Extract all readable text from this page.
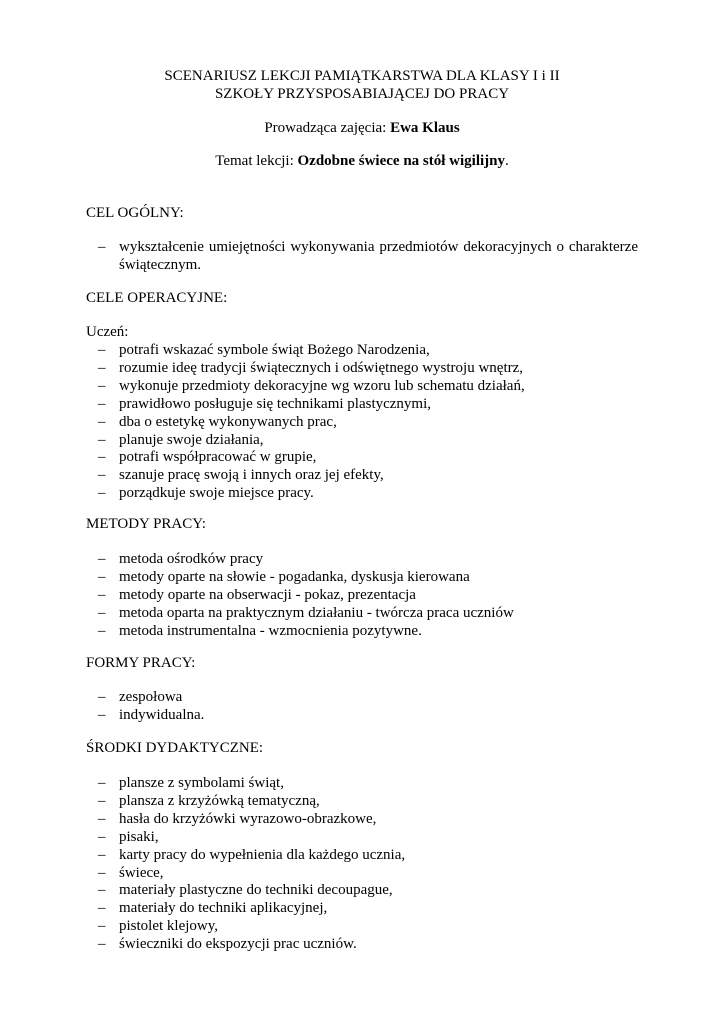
SCENARIUSZ LEKCJI PAMIĄTKARSTWA DLA KLASY I i II
SZKOŁY PRZYSPOSABIAJĄCEJ DO PRACY
Prowadząca zajęcia: Ewa Klaus
Temat lekcji: Ozdobne świece na stół wigilijny.
CEL OGÓLNY:
– wykształcenie umiejętności wykonywania przedmiotów dekoracyjnych o charakterze świątecznym.
CELE OPERACYJNE:
Uczeń:
– potrafi wskazać symbole świąt Bożego Narodzenia,
– rozumie ideę tradycji świątecznych i odświętnego wystroju wnętrz,
– wykonuje przedmioty dekoracyjne wg wzoru lub schematu działań,
– prawidłowo posługuje się technikami plastycznymi,
– dba o estetykę wykonywanych prac,
– planuje swoje działania,
– potrafi współpracować w grupie,
– szanuje pracę swoją i innych oraz jej efekty,
– porządkuje swoje miejsce pracy.
METODY PRACY:
– metoda ośrodków pracy
– metody oparte na słowie - pogadanka, dyskusja kierowana
– metody oparte na obserwacji - pokaz, prezentacja
– metoda oparta na praktycznym działaniu - twórcza praca uczniów
– metoda instrumentalna - wzmocnienia pozytywne.
FORMY PRACY:
– zespołowa
– indywidualna.
ŚRODKI DYDAKTYCZNE:
– plansze z symbolami świąt,
– plansza z krzyżówką tematyczną,
– hasła do krzyżówki wyrazowo-obrazkowe,
– pisaki,
– karty pracy do wypełnienia dla każdego ucznia,
– świece,
– materiały plastyczne do techniki decoupague,
– materiały do techniki aplikacyjnej,
– pistolet klejowy,
– świeczniki do ekspozycji prac uczniów.
